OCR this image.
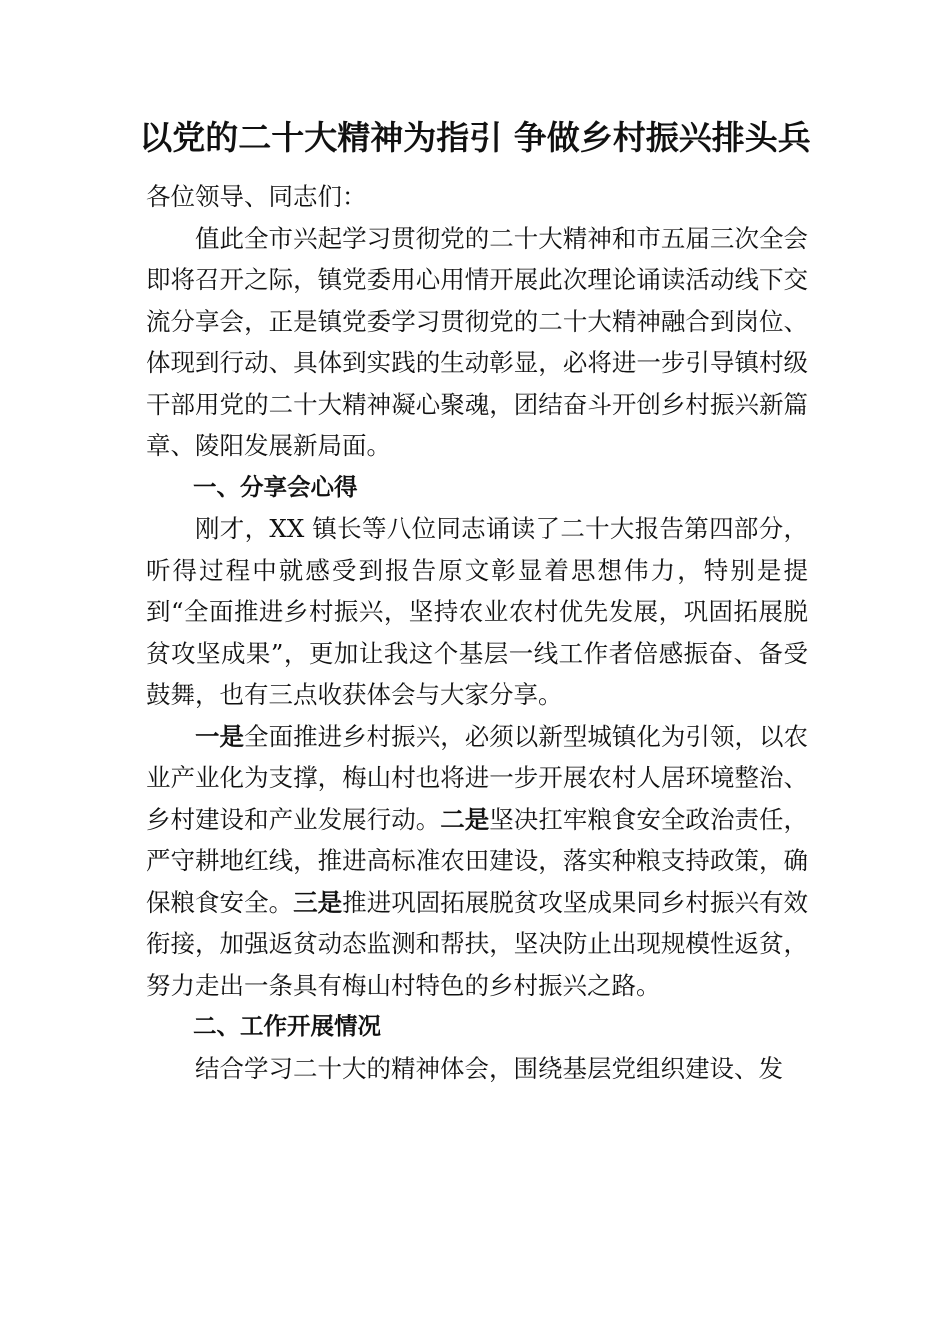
以党的二十大精神为指引 争做乡村振兴排头兵

各位领导、同志们：

值此全市兴起学习贯彻党的二十大精神和市五届三次全会即将召开之际，镇党委用心用情开展此次理论诵读活动线下交流分享会，正是镇党委学习贯彻党的二十大精神融合到岗位、体现到行动、具体到实践的生动彰显，必将进一步引导镇村级干部用党的二十大精神凝心聚魂，团结奋斗开创乡村振兴新篇章、陵阳发展新局面。

一、分享会心得

刚才，XX 镇长等八位同志诵读了二十大报告第四部分，听得过程中就感受到报告原文彰显着思想伟力，特别是提到“全面推进乡村振兴，坚持农业农村优先发展，巩固拓展脱贫攻坚成果”，更加让我这个基层一线工作者倍感振奋、备受鼓舞，也有三点收获体会与大家分享。

一是全面推进乡村振兴，必须以新型城镇化为引领，以农业产业化为支撑，梅山村也将进一步开展农村人居环境整治、乡村建设和产业发展行动。二是坚决扛牢粮食安全政治责任，严守耕地红线，推进高标准农田建设，落实种粮支持政策，确保粮食安全。三是推进巩固拓展脱贫攻坚成果同乡村振兴有效衔接，加强返贫动态监测和帮扶，坚决防止出现规模性返贫，努力走出一条具有梅山村特色的乡村振兴之路。

二、工作开展情况

结合学习二十大的精神体会，围绕基层党组织建设、发
